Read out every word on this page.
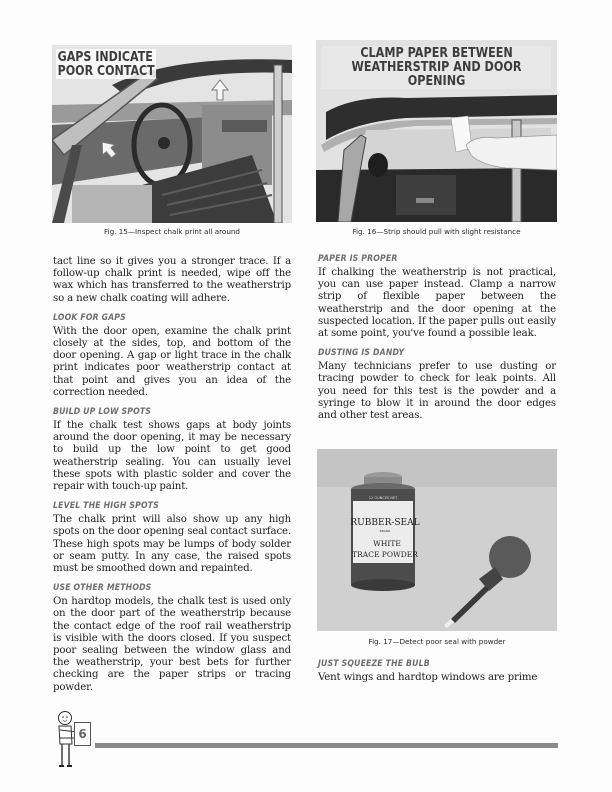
GAPS INDICATE
POOR CONTACT
Fig. 15—Inspect chalk print all around
CLAMP PAPER BETWEEN
WEATHERSTRIP AND DOOR OPENING
Fig. 16—Strip should pull with slight resistance

tact line so it gives you a stronger trace. If a follow-up chalk print is needed, wipe off the wax which has transferred to the weatherstrip so a new chalk coating will adhere.

LOOK FOR GAPS

With the door open, examine the chalk print closely at the sides, top, and bottom of the door opening. A gap or light trace in the chalk print indicates poor weatherstrip contact at that point and gives you an idea of the correction needed.

BUILD UP LOW SPOTS

If the chalk test shows gaps at body joints around the door opening, it may be necessary to build up the low point to get good weatherstrip sealing. You can usually level these spots with plastic solder and cover the repair with touch-up paint.

LEVEL THE HIGH SPOTS

The chalk print will also show up any high spots on the door opening seal contact surface. These high spots may be lumps of body solder or seam putty. In any case, the raised spots must be smoothed down and repainted.

USE OTHER METHODS

On hardtop models, the chalk test is used only on the door part of the weatherstrip because the contact edge of the roof rail weatherstrip is visible with the doors closed. If you suspect poor sealing between the window glass and the weatherstrip, your best bets for further checking are the paper strips or tracing powder.

PAPER IS PROPER

If chalking the weatherstrip is not practical, you can use paper instead. Clamp a narrow strip of flexible paper between the weatherstrip and the door opening at the suspected location. If the paper pulls out easily at some point, you've found a possible leak.

DUSTING IS DANDY

Many technicians prefer to use dusting or tracing powder to check for leak points. All you need for this test is the powder and a syringe to blow it in around the door edges and other test areas.

12 OUNCES NET
RUBBER-SEAL
BRAND
WHITE
TRACE POWDER
Fig. 17—Detect poor seal with powder
JUST SQUEEZE THE BULB

Vent wings and hardtop windows are prime

6
